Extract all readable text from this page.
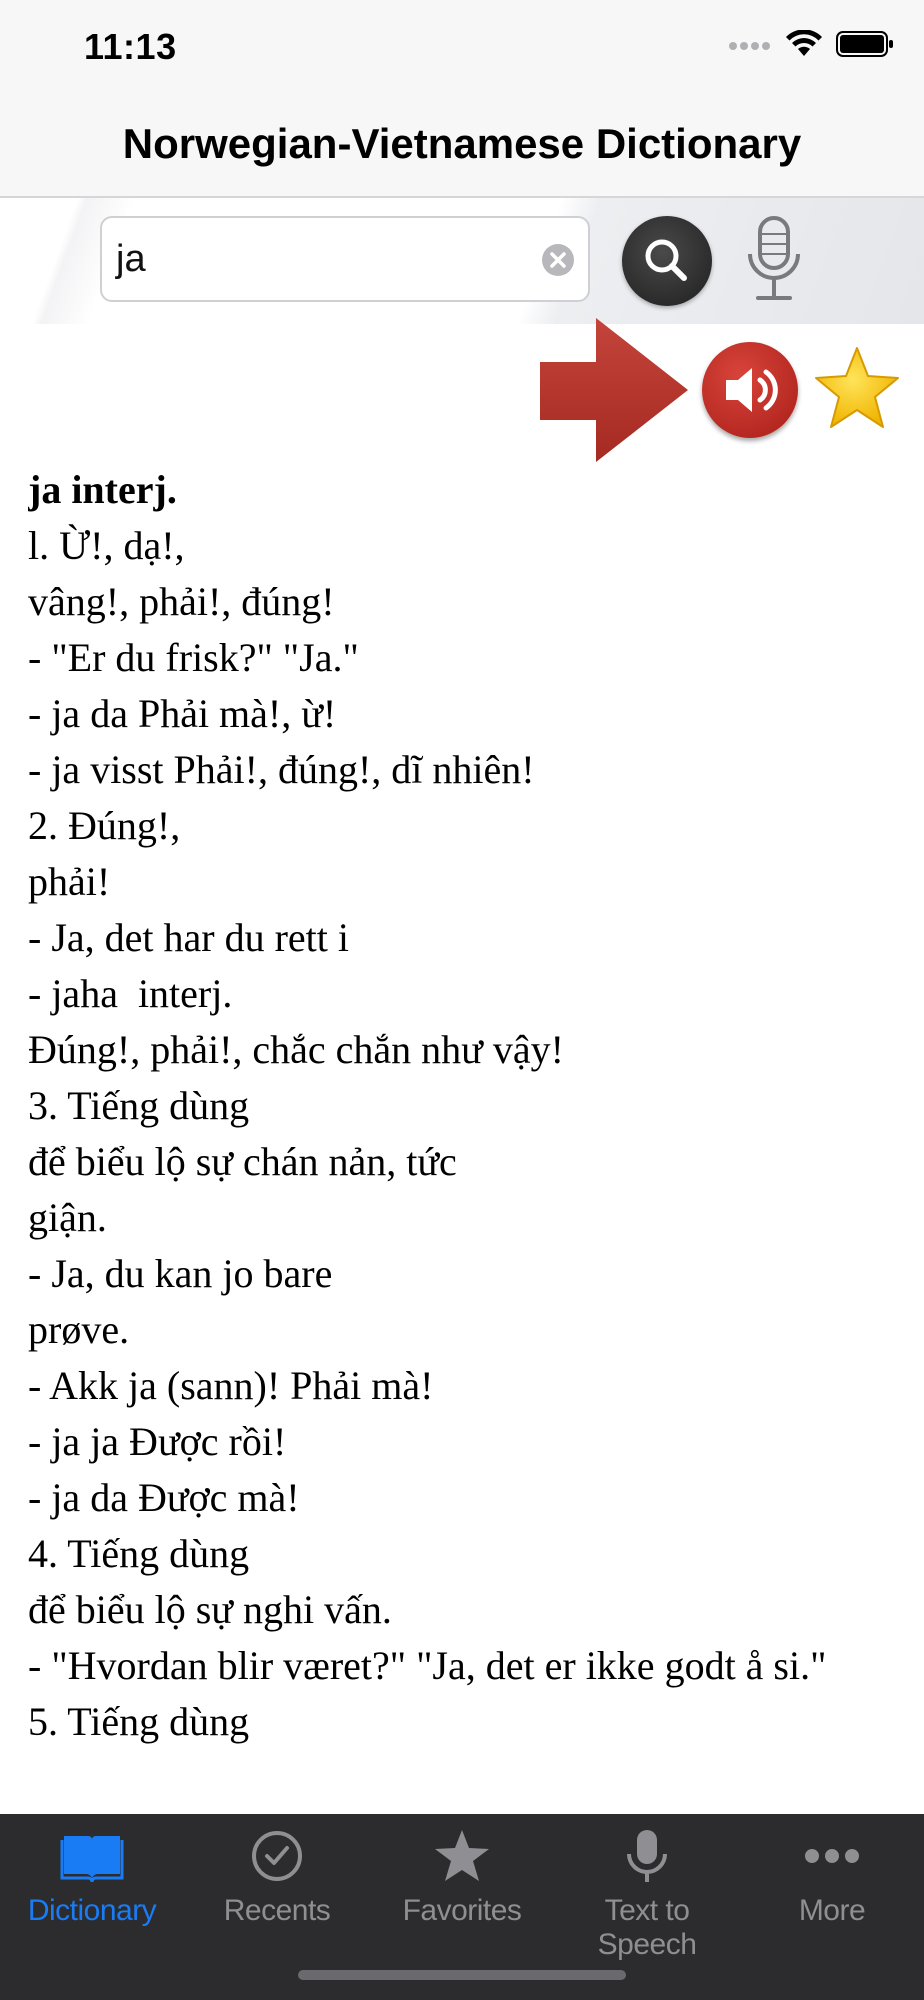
11:13
Norwegian-Vietnamese Dictionary
ja
ja interj.
l. Ừ!, dạ!,
vâng!, phải!, đúng!
- "Er du frisk?" "Ja."
- ja da Phải mà!, ừ!
- ja visst Phải!, đúng!, dĩ nhiên!
2. Đúng!,
phải!
- Ja, det har du rett i
- jaha  interj.
Đúng!, phải!, chắc chắn như vậy!
3. Tiếng dùng
để biểu lộ sự chán nản, tức
giận.
- Ja, du kan jo bare
prøve.
- Akk ja (sann)! Phải mà!
- ja ja Được rồi!
- ja da Được mà!
4. Tiếng dùng
để biểu lộ sự nghi vấn.
- "Hvordan blir været?" "Ja, det er ikke godt å si."
5. Tiếng dùng
Dictionary	Recents	Favorites	Text to Speech
More
